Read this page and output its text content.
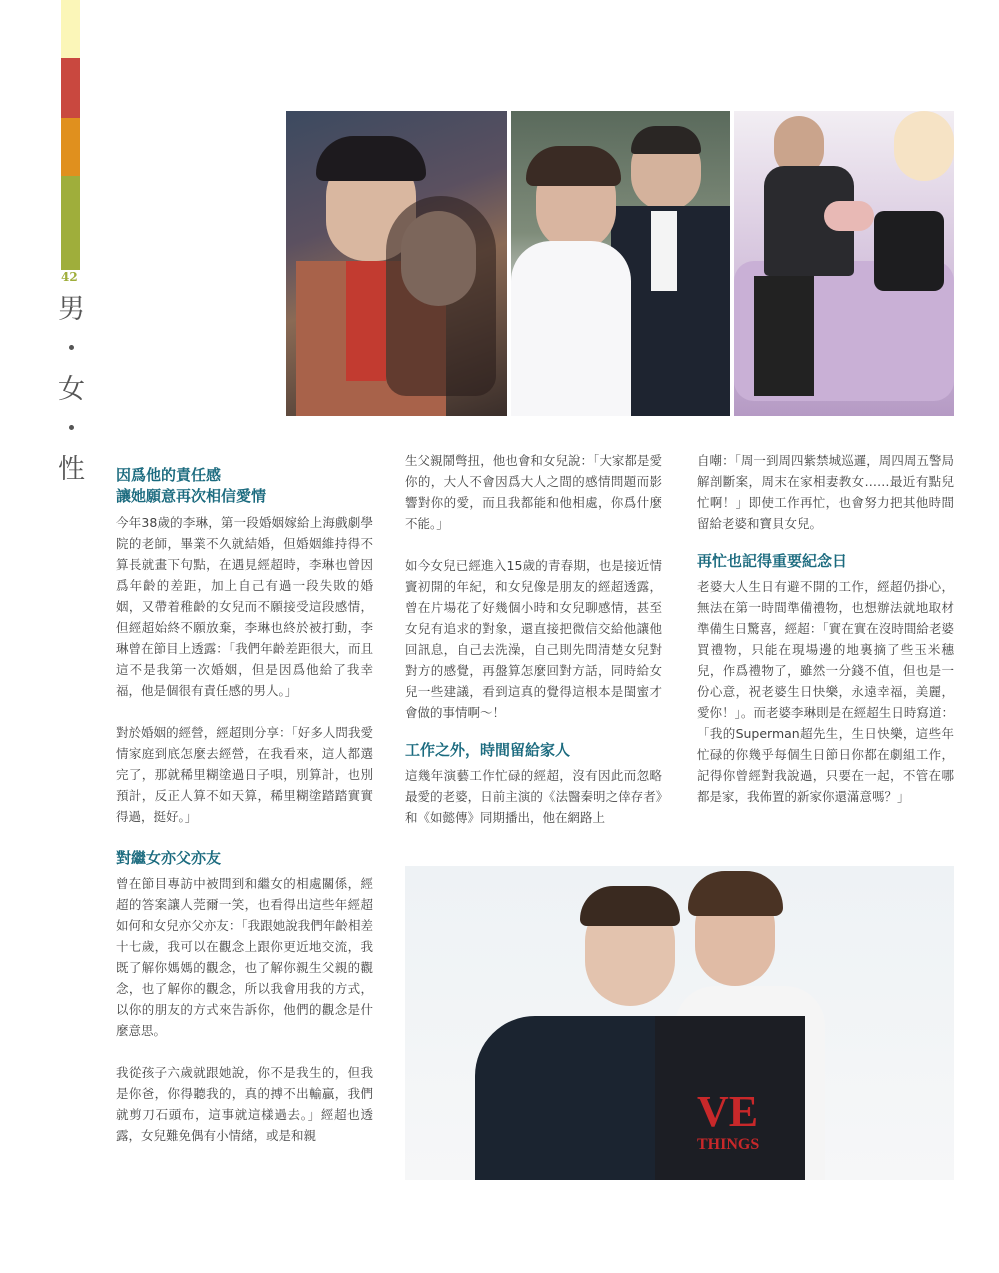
42
男
・
女
・
性 因爲他的責任感

讓她願意再次相信愛情

今年38歲的李琳，第一段婚姻嫁給上海戲劇學院的老師，畢業不久就結婚，但婚姻維持得不算長就畫下句點，在遇見經超時，李琳也曾因爲年齡的差距，加上自己有過一段失敗的婚姻，又帶着稚齡的女兒而不願接受這段感情，但經超始終不願放棄，李琳也終於被打動，李琳曾在節目上透露：「我們年齡差距很大，而且這不是我第一次婚姻，但是因爲他給了我幸福，他是個很有責任感的男人。」

對於婚姻的經營，經超則分享：「好多人問我愛情家庭到底怎麼去經營，在我看來，這人都選完了，那就稀里糊塗過日子唄，別算計，也別預計，反正人算不如天算，稀里糊塗踏踏實實得過，挺好。」

對繼女亦父亦友

曾在節目專訪中被問到和繼女的相處關係，經超的答案讓人莞爾一笑，也看得出這些年經超如何和女兒亦父亦友：「我跟她說我們年齡相差十七歲，我可以在觀念上跟你更近地交流，我既了解你媽媽的觀念，也了解你親生父親的觀念，也了解你的觀念，所以我會用我的方式，以你的朋友的方式來告訴你，他們的觀念是什麼意思。

我從孩子六歲就跟她說，你不是我生的，但我是你爸，你得聽我的，真的搏不出輸贏，我們就剪刀石頭布，這事就這樣過去。」經超也透露，女兒難免偶有小情緒，或是和親

生父親鬧彆扭，他也會和女兒說：「大家都是愛你的，大人不會因爲大人之間的感情問題而影響對你的愛，而且我都能和他相處，你爲什麼不能。」

如今女兒已經進入15歲的青春期，也是接近情竇初開的年紀，和女兒像是朋友的經超透露，曾在片場花了好幾個小時和女兒聊感情，甚至女兒有追求的對象，還直接把微信交給他讓他回訊息，自己去洗澡，自己則先問清楚女兒對對方的感覺，再盤算怎麼回對方話，同時給女兒一些建議，看到這真的覺得這根本是閨蜜才會做的事情啊～！

工作之外，時間留給家人

這幾年演藝工作忙碌的經超，沒有因此而忽略最愛的老婆，日前主演的《法醫秦明之倖存者》和《如懿傳》同期播出，他在網路上

自嘲：「周一到周四紫禁城巡邏，周四周五警局解剖斷案，周末在家相妻教女……最近有點兒忙啊！」即使工作再忙，也會努力把其他時間留給老婆和寶貝女兒。

再忙也記得重要紀念日

老婆大人生日有避不開的工作，經超仍掛心，無法在第一時間準備禮物，也想辦法就地取材準備生日驚喜，經超：「實在實在沒時間給老婆買禮物，只能在現場邊的地裏摘了些玉米穗兒，作爲禮物了，雖然一分錢不值，但也是一份心意，祝老婆生日快樂，永遠幸福，美麗，愛你！」。而老婆李琳則是在經超生日時寫道：「我的Superman超先生，生日快樂，這些年忙碌的你幾乎每個生日節日你都在劇組工作，記得你曾經對我說過，只要在一起，不管在哪都是家，我佈置的新家你還滿意嗎？」

VE
THINGS
